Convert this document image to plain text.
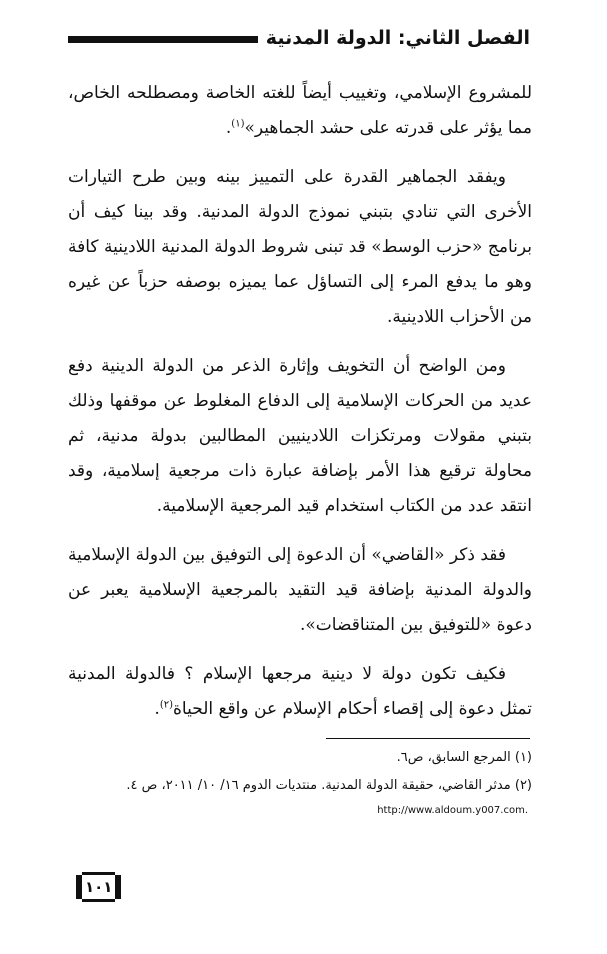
الفصل الثاني: الدولة المدنية

للمشروع الإسلامي، وتغييب أيضاً للغته الخاصة ومصطلحه الخاص، مما يؤثر على قدرته على حشد الجماهير»$^{(١)}$.

ويفقد الجماهير القدرة على التمييز بينه وبين طرح التيارات الأخرى التي تنادي بتبني نموذج الدولة المدنية. وقد بينا كيف أن برنامج «حزب الوسط» قد تبنى شروط الدولة المدنية اللادينية كافة وهو ما يدفع المرء إلى التساؤل عما يميزه بوصفه حزباً عن غيره من الأحزاب اللادينية.

ومن الواضح أن التخويف وإثارة الذعر من الدولة الدينية دفع عديد من الحركات الإسلامية إلى الدفاع المغلوط عن موقفها وذلك بتبني مقولات ومرتكزات اللادينيين المطالبين بدولة مدنية، ثم محاولة ترقيع هذا الأمر بإضافة عبارة ذات مرجعية إسلامية، وقد انتقد عدد من الكتاب استخدام قيد المرجعية الإسلامية.

فقد ذكر «القاضي» أن الدعوة إلى التوفيق بين الدولة الإسلامية والدولة المدنية بإضافة قيد التقيد بالمرجعية الإسلامية يعبر عن دعوة «للتوفيق بين المتناقضات».

فكيف تكون دولة لا دينية مرجعها الإسلام ؟ فالدولة المدنية تمثل دعوة إلى إقصاء أحكام الإسلام عن واقع الحياة$^{(٢)}$.

(١) المرجع السابق، ص٦.
(٢) مدثر القاضي، حقيقة الدولة المدنية. منتديات الدوم ١٦/ ١٠/ ٢٠١١، ص ٤.
http://www.aldoum.y007.com.
١٠١
